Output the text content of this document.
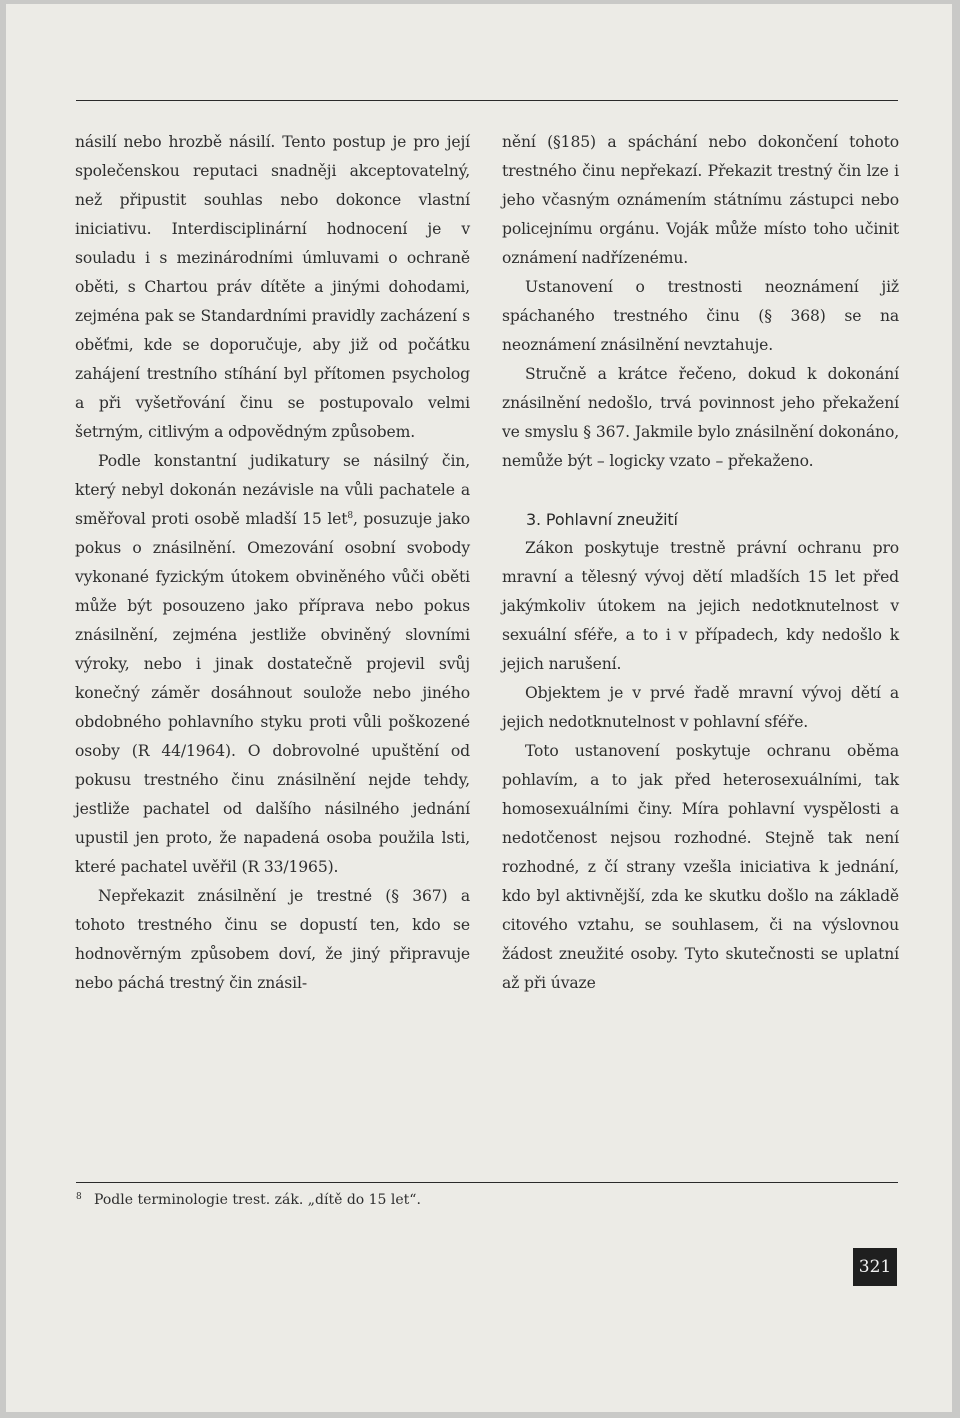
násilí nebo hrozbě násilí. Tento postup je pro její společenskou reputaci snadněji akceptovatelný, než připustit souhlas nebo dokonce vlastní iniciativu. Interdisciplinární hodnocení je v souladu i s mezinárodními úmluvami o ochraně oběti, s Chartou práv dítěte a jinými dohodami, zejména pak se Standardními pravidly zacházení s oběťmi, kde se doporučuje, aby již od počátku zahájení trestního stíhání byl přítomen psycholog a při vyšetřování činu se postupovalo velmi šetrným, citlivým a odpovědným způsobem.

Podle konstantní judikatury se násilný čin, který nebyl dokonán nezávisle na vůli pachatele a směřoval proti osobě mladší 15 let$^8$, posuzuje jako pokus o znásilnění. Omezování osobní svobody vykonané fyzickým útokem obviněného vůči oběti může být posouzeno jako příprava nebo pokus znásilnění, zejména jestliže obviněný slovními výroky, nebo i jinak dostatečně projevil svůj konečný záměr dosáhnout soulože nebo jiného obdobného pohlavního styku proti vůli poškozené osoby (R 44/1964). O dobrovolné upuštění od pokusu trestného činu znásilnění nejde tehdy, jestliže pachatel od dalšího násilného jednání upustil jen proto, že napadená osoba použila lsti, které pachatel uvěřil (R 33/1965).

Nepřekazit znásilnění je trestné (§ 367) a tohoto trestného činu se dopustí ten, kdo se hodnověrným způsobem doví, že jiný připravuje nebo páchá trestný čin znásil-

nění (§185) a spáchání nebo dokončení tohoto trestného činu nepřekazí. Překazit trestný čin lze i jeho včasným oznámením státnímu zástupci nebo policejnímu orgánu. Voják může místo toho učinit oznámení nadřízenému.

Ustanovení o trestnosti neoznámení již spáchaného trestného činu (§ 368) se na neoznámení znásilnění nevztahuje.

Stručně a krátce řečeno, dokud k dokonání znásilnění nedošlo, trvá povinnost jeho překažení ve smyslu § 367. Jakmile bylo znásilnění dokonáno, nemůže být – logicky vzato – překaženo.

3. Pohlavní zneužití

Zákon poskytuje trestně právní ochranu pro mravní a tělesný vývoj dětí mladších 15 let před jakýmkoliv útokem na jejich nedotknutelnost v sexuální sféře, a to i v případech, kdy nedošlo k jejich narušení.

Objektem je v prvé řadě mravní vývoj dětí a jejich nedotknutelnost v pohlavní sféře.

Toto ustanovení poskytuje ochranu oběma pohlavím, a to jak před heterosexuálními, tak homosexuálními činy. Míra pohlavní vyspělosti a nedotčenost nejsou rozhodné. Stejně tak není rozhodné, z čí strany vzešla iniciativa k jednání, kdo byl aktivnější, zda ke skutku došlo na základě citového vztahu, se souhlasem, či na výslovnou žádost zneužité osoby. Tyto skutečnosti se uplatní až při úvaze

8 Podle terminologie trest. zák. „dítě do 15 let“.
321
